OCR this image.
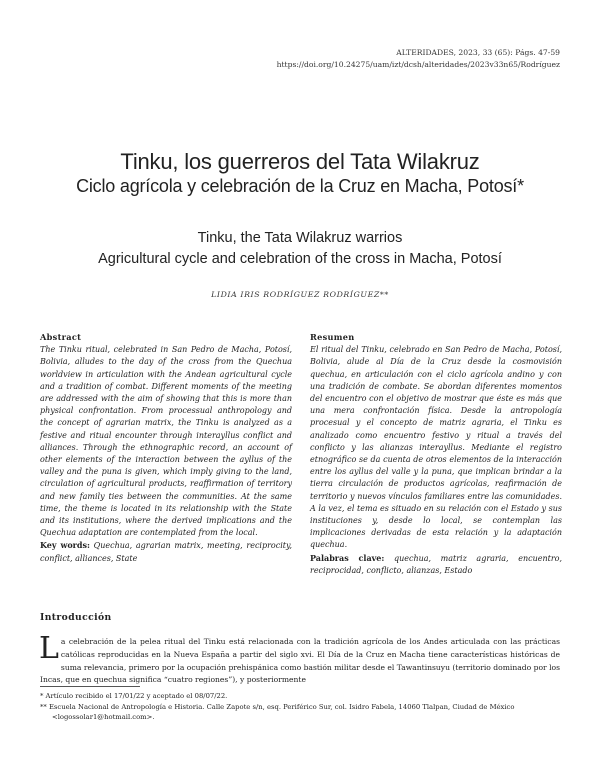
ALTERIDADES, 2023, 33 (65): Págs. 47-59
https://doi.org/10.24275/uam/izt/dcsh/alteridades/2023v33n65/Rodríguez
Tinku, los guerreros del Tata Wilakruz
Ciclo agrícola y celebración de la Cruz en Macha, Potosí*
Tinku, the Tata Wilakruz warrios
Agricultural cycle and celebration of the cross in Macha, Potosí
LIDIA IRIS RODRÍGUEZ RODRÍGUEZ**
Abstract

The Tinku ritual, celebrated in San Pedro de Macha, Potosí, Bolivia, alludes to the day of the cross from the Quechua worldview in articulation with the Andean agricultural cycle and a tradition of combat. Different moments of the meeting are addressed with the aim of showing that this is more than physical confrontation. From processual anthropology and the concept of agrarian matrix, the Tinku is analyzed as a festive and ritual encounter through interayllus conflict and alliances. Through the ethnographic record, an account of other elements of the interaction between the ayllus of the valley and the puna is given, which imply giving to the land, circulation of agricultural products, reaffirmation of territory and new family ties between the communities. At the same time, the theme is located in its relationship with the State and its institutions, where the derived implications and the Quechua adaptation are contemplated from the local.

Key words: Quechua, agrarian matrix, meeting, reciprocity, conflict, alliances, State

Resumen

El ritual del Tinku, celebrado en San Pedro de Macha, Potosí, Bolivia, alude al Día de la Cruz desde la cosmovisión quechua, en articulación con el ciclo agrícola andino y con una tradición de combate. Se abordan diferentes momentos del encuentro con el objetivo de mostrar que éste es más que una mera confrontación física. Desde la antropología procesual y el concepto de matriz agraria, el Tinku es analizado como encuentro festivo y ritual a través del conflicto y las alianzas interayllus. Mediante el registro etnográfico se da cuenta de otros elementos de la interacción entre los ayllus del valle y la puna, que implican brindar a la tierra circulación de productos agrícolas, reafirmación de territorio y nuevos vínculos familiares entre las comunidades. A la vez, el tema es situado en su relación con el Estado y sus instituciones y, desde lo local, se contemplan las implicaciones derivadas de esta relación y la adaptación quechua.

Palabras clave: quechua, matriz agraria, encuentro, reciprocidad, conflicto, alianzas, Estado

Introducción

La celebración de la pelea ritual del Tinku está relacionada con la tradición agrícola de los Andes articulada con las prácticas católicas reproducidas en la Nueva España a partir del siglo xvi. El Día de la Cruz en Macha tiene características históricas de suma relevancia, primero por la ocupación prehispánica como bastión militar desde el Tawantinsuyu (territorio dominado por los Incas, que en quechua significa “cuatro regiones”), y posteriormente

* Artículo recibido el 17/01/22 y aceptado el 08/07/22.

** Escuela Nacional de Antropología e Historia. Calle Zapote s/n, esq. Periférico Sur, col. Isidro Fabela, 14060 Tlalpan, Ciudad de México <logossolar1@hotmail.com>.
